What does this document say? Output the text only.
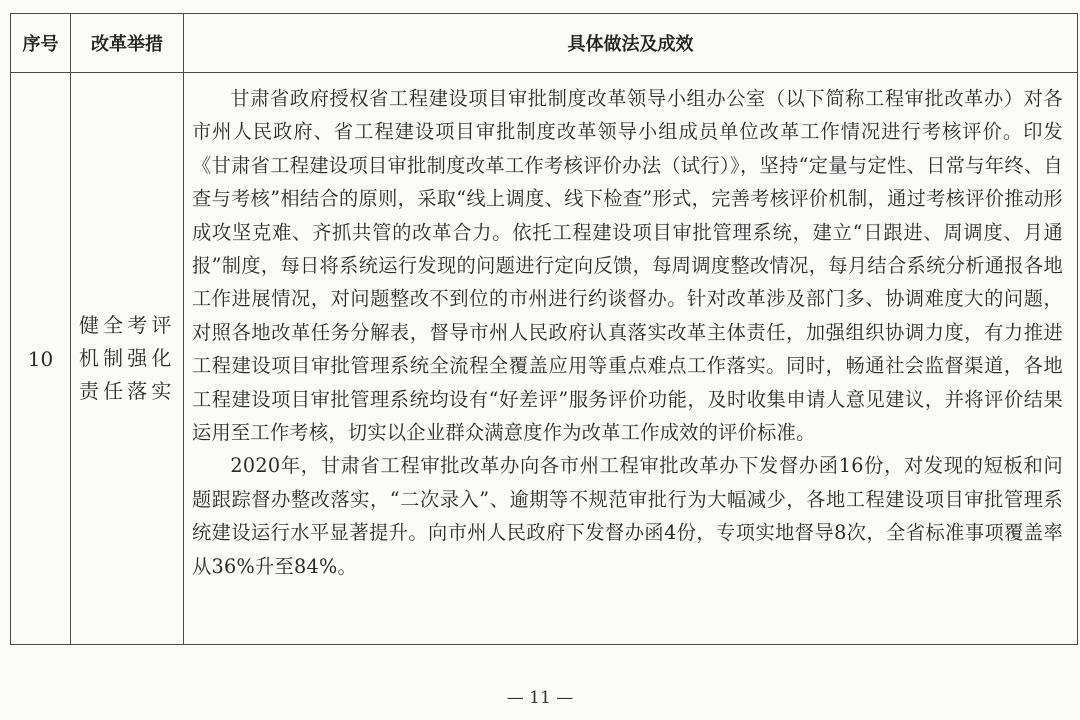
序号	改革举措	具体做法及成效
10	健全考评机制强化责任落实	甘肃省政府授权省工程建设项目审批制度改革领导小组办公室（以下简称工程审批改革办）对各市州人民政府、省工程建设项目审批制度改革领导小组成员单位改革工作情况进行考核评价。印发《甘肃省工程建设项目审批制度改革工作考核评价办法（试行）》，坚持“定量与定性、日常与年终、自查与考核”相结合的原则，采取“线上调度、线下检查”形式，完善考核评价机制，通过考核评价推动形成攻坚克难、齐抓共管的改革合力。依托工程建设项目审批管理系统，建立“日跟进、周调度、月通报”制度，每日将系统运行发现的问题进行定向反馈，每周调度整改情况，每月结合系统分析通报各地工作进展情况，对问题整改不到位的市州进行约谈督办。针对改革涉及部门多、协调难度大的问题，对照各地改革任务分解表，督导市州人民政府认真落实改革主体责任，加强组织协调力度，有力推进工程建设项目审批管理系统全流程全覆盖应用等重点难点工作落实。同时，畅通社会监督渠道，各地工程建设项目审批管理系统均设有“好差评”服务评价功能，及时收集申请人意见建议，并将评价结果运用至工作考核，切实以企业群众满意度作为改革工作成效的评价标准。

2020年，甘肃省工程审批改革办向各市州工程审批改革办下发督办函16份，对发现的短板和问题跟踪督办整改落实，“二次录入”、逾期等不规范审批行为大幅减少，各地工程建设项目审批管理系统建设运行水平显著提升。向市州人民政府下发督办函4份，专项实地督导8次，全省标准事项覆盖率从36%升至84%。

— 11 —
